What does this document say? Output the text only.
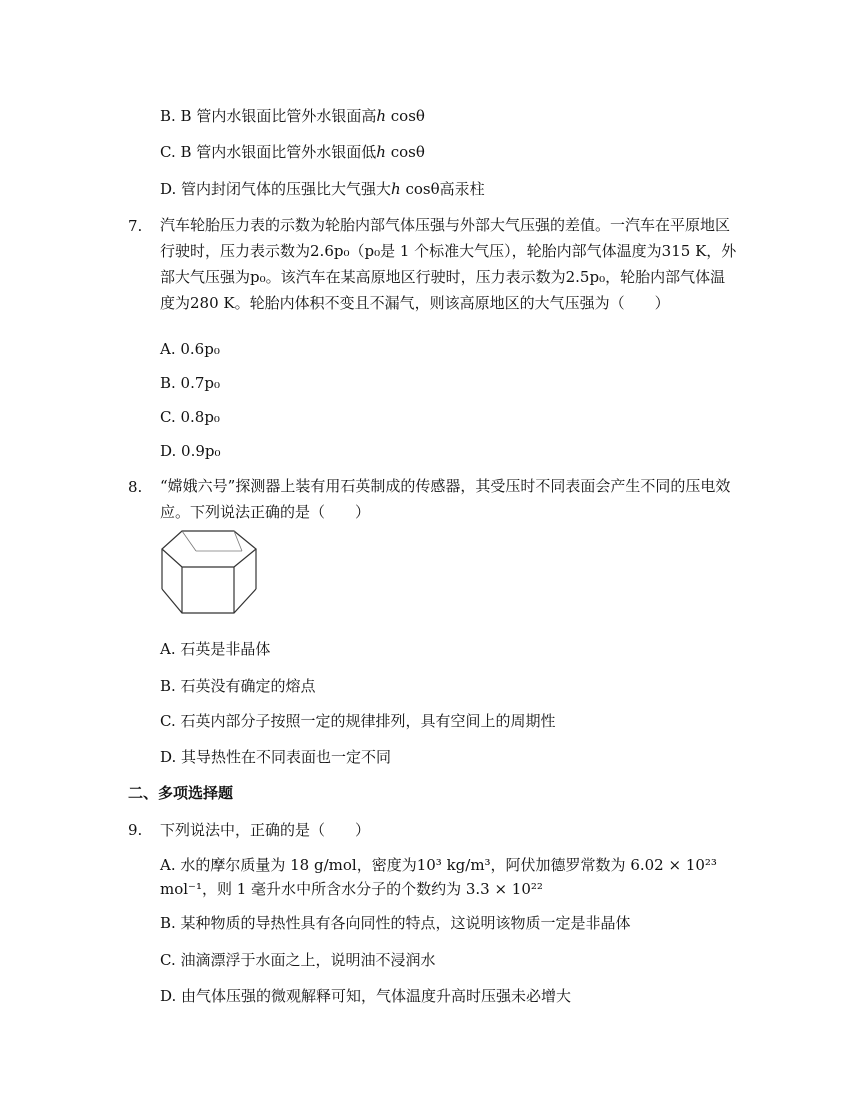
B. B 管内水银面比管外水银面高ℎ cosθ
C. B 管内水银面比管外水银面低ℎ cosθ
D. 管内封闭气体的压强比大气强大ℎ cosθ高汞柱
7. 汽车轮胎压力表的示数为轮胎内部气体压强与外部大气压强的差值。一汽车在平原地区行驶时，压力表示数为2.6p₀（p₀是 1 个标准大气压），轮胎内部气体温度为315 K，外部大气压强为p₀。该汽车在某高原地区行驶时，压力表示数为2.5p₀，轮胎内部气体温度为280 K。轮胎内体积不变且不漏气，则该高原地区的大气压强为（　　）
A. 0.6p₀
B. 0.7p₀
C. 0.8p₀
D. 0.9p₀
8. “嫦娥六号”探测器上装有用石英制成的传感器，其受压时不同表面会产生不同的压电效应。下列说法正确的是（　　）
A. 石英是非晶体
B. 石英没有确定的熔点
C. 石英内部分子按照一定的规律排列，具有空间上的周期性
D. 其导热性在不同表面也一定不同
二、多项选择题
9. 下列说法中，正确的是（　　）
A. 水的摩尔质量为 18 g/mol，密度为10³ kg/m³，阿伏加德罗常数为 6.02 × 10²³ mol⁻¹，则 1 毫升水中所含水分子的个数约为 3.3 × 10²²
B. 某种物质的导热性具有各向同性的特点，这说明该物质一定是非晶体
C. 油滴漂浮于水面之上，说明油不浸润水
D. 由气体压强的微观解释可知，气体温度升高时压强未必增大
